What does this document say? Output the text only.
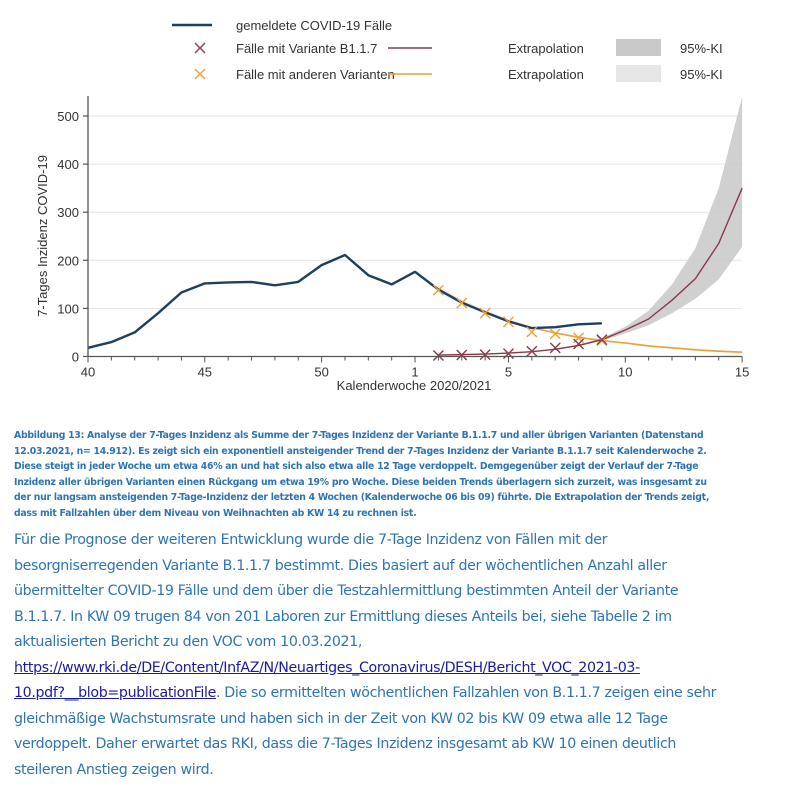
gemeldete COVID-19 Fälle
Fälle mit Variante B1.1.7	Extrapolation	95%-KI
Fälle mit anderen Varianten	Extrapolation	95%-KI
0
100
200
300
400
500
40	45	50	1	5	10	15
7-Tages Inzidenz COVID-19
Kalenderwoche 2020/2021
Abbildung 13: Analyse der 7-Tages Inzidenz als Summe der 7-Tages Inzidenz der Variante B.1.1.7 und aller übrigen Varianten (Datenstand
12.03.2021, n= 14.912). Es zeigt sich ein exponentiell ansteigender Trend der 7-Tages Inzidenz der Variante B.1.1.7 seit Kalenderwoche 2.
Diese steigt in jeder Woche um etwa 46% an und hat sich also etwa alle 12 Tage verdoppelt. Demgegenüber zeigt der Verlauf der 7-Tage
Inzidenz aller übrigen Varianten einen Rückgang um etwa 19% pro Woche. Diese beiden Trends überlagern sich zurzeit, was insgesamt zu
der nur langsam ansteigenden 7-Tage-Inzidenz der letzten 4 Wochen (Kalenderwoche 06 bis 09) führte. Die Extrapolation der Trends zeigt,
dass mit Fallzahlen über dem Niveau von Weihnachten ab KW 14 zu rechnen ist.
Für die Prognose der weiteren Entwicklung wurde die 7-Tage Inzidenz von Fällen mit der
besorgniserregenden Variante B.1.1.7 bestimmt. Dies basiert auf der wöchentlichen Anzahl aller
übermittelter COVID-19 Fälle und dem über die Testzahlermittlung bestimmten Anteil der Variante
B.1.1.7. In KW 09 trugen 84 von 201 Laboren zur Ermittlung dieses Anteils bei, siehe Tabelle 2 im
aktualisierten Bericht zu den VOC vom 10.03.2021,
https://www.rki.de/DE/Content/InfAZ/N/Neuartiges_Coronavirus/DESH/Bericht_VOC_2021-03-
10.pdf?__blob=publicationFile. Die so ermittelten wöchentlichen Fallzahlen von B.1.1.7 zeigen eine sehr
gleichmäßige Wachstumsrate und haben sich in der Zeit von KW 02 bis KW 09 etwa alle 12 Tage
verdoppelt. Daher erwartet das RKI, dass die 7-Tages Inzidenz insgesamt ab KW 10 einen deutlich
steileren Anstieg zeigen wird.
